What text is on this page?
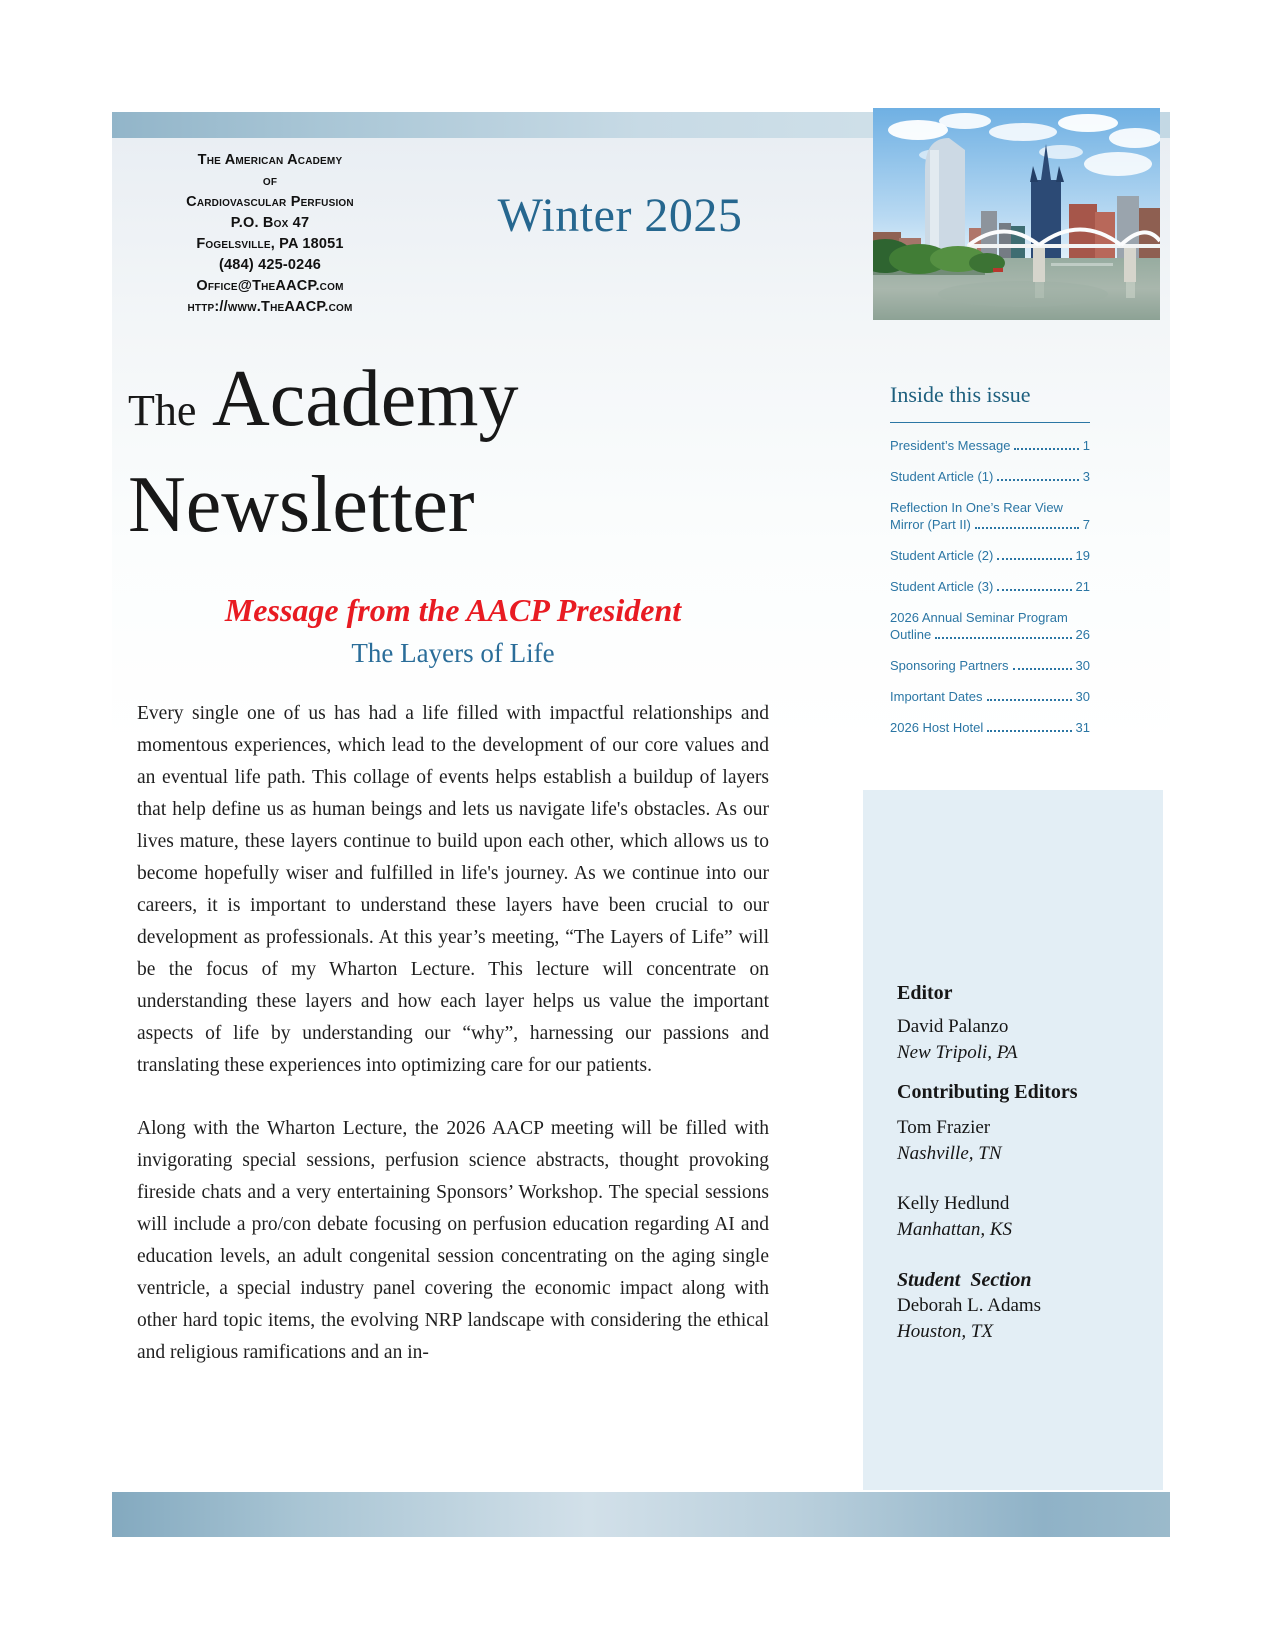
The American Academy
of
Cardiovascular Perfusion
P.O. Box 47
Fogelsville, PA 18051
(484) 425-0246
Office@TheAACP.com
http://www.TheAACP.com
Winter 2025
The Academy
Newsletter
Message from the AACP President
The Layers of Life

Every single one of us has had a life filled with impactful relationships and momentous experiences, which lead to the development of our core values and an eventual life path. This collage of events helps establish a buildup of layers that help define us as human beings and lets us navigate life's obstacles. As our lives mature, these layers continue to build upon each other, which allows us to become hopefully wiser and fulfilled in life's journey. As we continue into our careers, it is important to understand these layers have been crucial to our development as professionals. At this year’s meeting, “The Layers of Life” will be the focus of my Wharton Lecture. This lecture will concentrate on understanding these layers and how each layer helps us value the important aspects of life by understanding our “why”, harnessing our passions and translating these experiences into optimizing care for our patients.

Along with the Wharton Lecture, the 2026 AACP meeting will be filled with invigorating special sessions, perfusion science abstracts, thought provoking fireside chats and a very entertaining Sponsors’ Workshop. The special sessions will include a pro/con debate focusing on perfusion education regarding AI and education levels, an adult congenital session concentrating on the aging single ventricle, a special industry panel covering the economic impact along with other hard topic items, the evolving NRP landscape with considering the ethical and religious ramifications and an in-

Inside this issue
President’s Message	1
Student Article (1)	3
Reflection In One’s Rear View
Mirror (Part II)	7
Student Article (2)	19
Student Article (3)	21
2026 Annual Seminar Program
Outline	26
Sponsoring Partners	30
Important Dates	30
2026 Host Hotel	31
Editor
David Palanzo
New Tripoli, PA
Contributing Editors
Tom Frazier
Nashville, TN
Kelly Hedlund
Manhattan, KS
Student Section
Deborah L. Adams
Houston, TX
